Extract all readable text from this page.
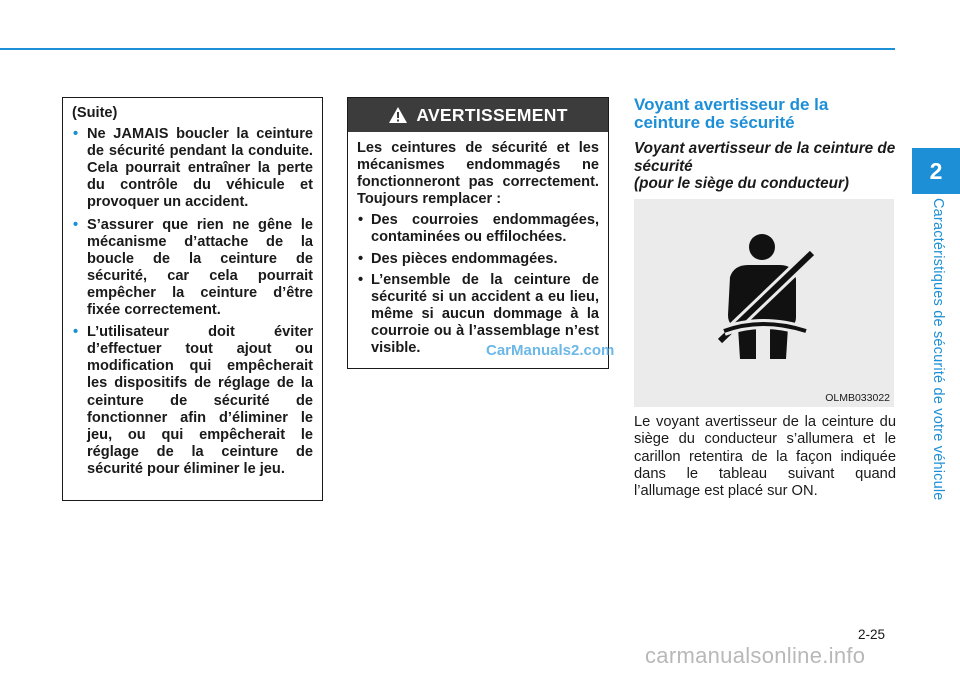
2
Caractéristiques de sécurité de votre véhicule
(Suite)
• Ne JAMAIS boucler la ceinture de sécurité pendant la conduite. Cela pourrait entraîner la perte du contrôle du véhicule et provoquer un accident.
• S’assurer que rien ne gêne le mécanisme d’attache de la boucle de la ceinture de sécurité, car cela pourrait empêcher la ceinture d’être fixée correctement.
• L’utilisateur doit éviter d’effectuer tout ajout ou modification qui empêcherait les dispositifs de réglage de la ceinture de sécurité de fonctionner afin d’éliminer le jeu, ou qui empêcherait le réglage de la ceinture de sécurité pour éliminer le jeu.
AVERTISSEMENT

Les ceintures de sécurité et les mécanismes endommagés ne fonctionneront pas correctement. Toujours remplacer :

• Des courroies endommagées, contaminées ou effilochées.
• Des pièces endommagées.
• L’ensemble de la ceinture de sécurité si un accident a eu lieu, même si aucun dommage à la courroie ou à l’assemblage n’est visible.	CarManuals2.com
Voyant avertisseur de la ceinture de sécurité
Voyant avertisseur de la ceinture de sécurité
(pour le siège du conducteur)
OLMB033022
Le voyant avertisseur de la ceinture du siège du conducteur s’allumera et le carillon retentira de la façon indiquée dans le tableau suivant quand l’allumage est placé sur ON.
2-25
carmanualsonline.info
